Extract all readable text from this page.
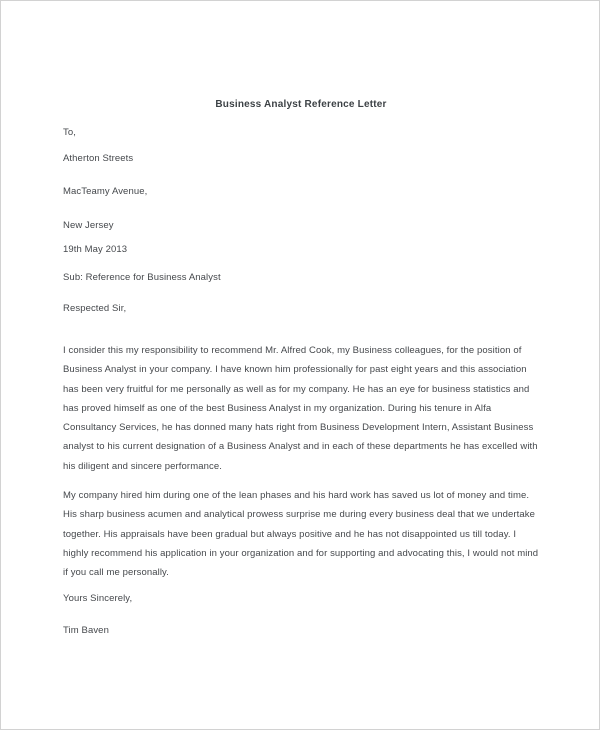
Business Analyst Reference Letter

To,

Atherton Streets

MacTeamy Avenue,

New Jersey

19th May 2013

Sub: Reference for Business Analyst

Respected Sir,

I consider this my responsibility to recommend Mr. Alfred Cook, my Business colleagues, for the position of Business Analyst in your company. I have known him professionally for past eight years and this association has been very fruitful for me personally as well as for my company. He has an eye for business statistics and has proved himself as one of the best Business Analyst in my organization. During his tenure in Alfa Consultancy Services, he has donned many hats right from Business Development Intern, Assistant Business analyst to his current designation of a Business Analyst and in each of these departments he has excelled with his diligent and sincere performance.

My company hired him during one of the lean phases and his hard work has saved us lot of money and time. His sharp business acumen and analytical prowess surprise me during every business deal that we undertake together. His appraisals have been gradual but always positive and he has not disappointed us till today. I highly recommend his application in your organization and for supporting and advocating this, I would not mind if you call me personally.

Yours Sincerely,

Tim Baven
